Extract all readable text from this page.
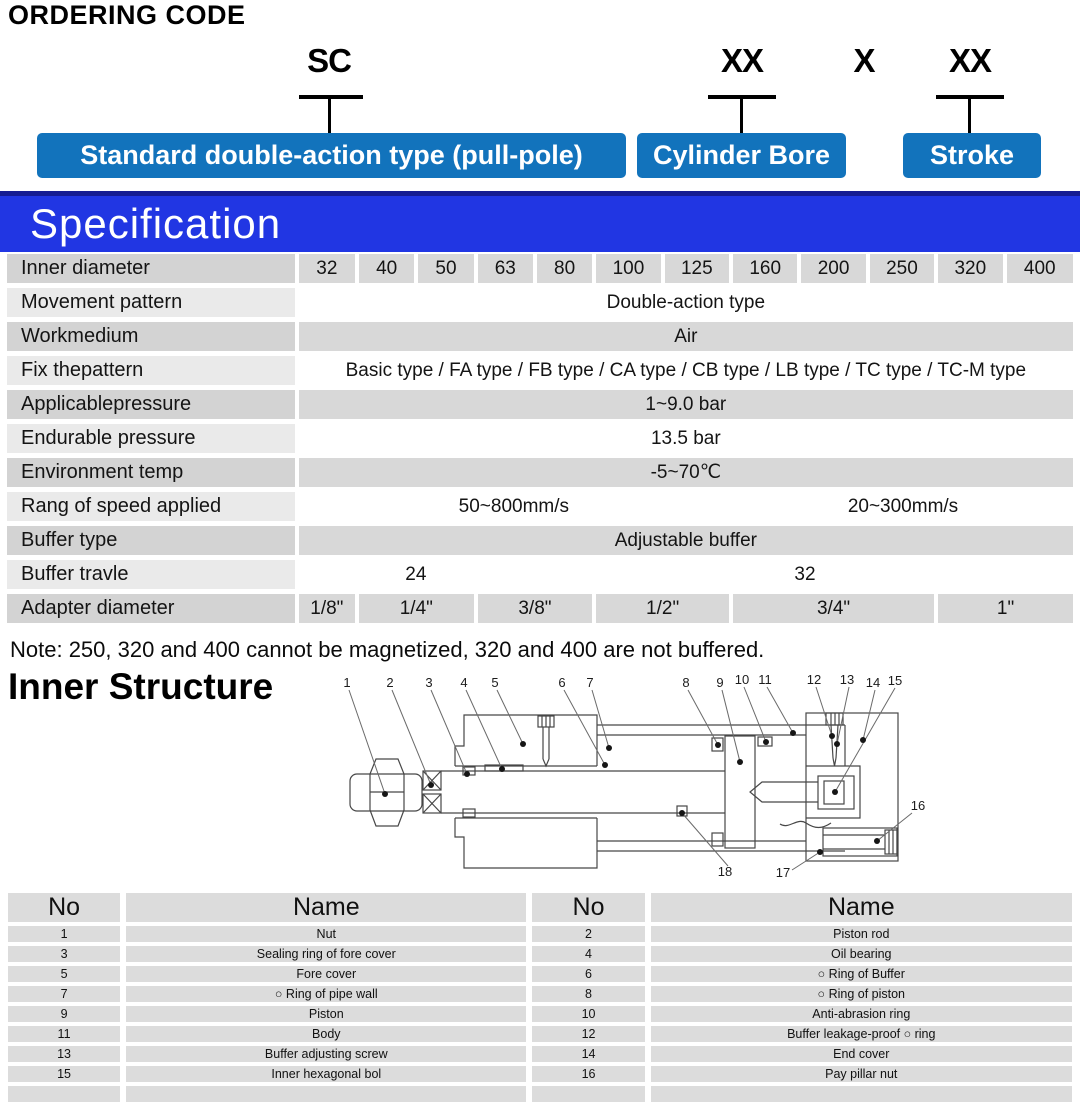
ORDERING CODE
SC	XX	X	XX
Standard double-action type (pull-pole)	Cylinder Bore	Stroke
Specification
Inner diameter	32	40	50	63	80	100	125	160	200	250	320	400
Movement pattern	Double-action type											
Workmedium	Air											
Fix thepattern	Basic type / FA type / FB type / CA type / CB type / LB type / TC type / TC-M type											
Applicablepressure	1~9.0 bar											
Endurable pressure	13.5 bar											
Environment temp	-5~70℃											
Rang of speed applied	50~800mm/s							20~300mm/s				
Buffer type	Adjustable buffer											
Buffer travle	24				32							
Adapter diameter	1/8"	1/4"		3/8"		1/2"		3/4"			1"	
Note: 250, 320 and 400 cannot be magnetized, 320 and 400 are not buffered.
Inner Structure	1	2 3 4 5	6 7	8 9 10 11	12 13 14 15
16
17
18
No	Name	No	Name
1	Nut	2	Piston rod
3	Sealing ring of fore cover	4	Oil bearing
5	Fore cover	6	○ Ring of Buffer
7	○ Ring of pipe wall	8	○ Ring of piston
9	Piston	10	Anti-abrasion ring
11	Body	12	Buffer leakage-proof ○ ring
13	Buffer adjusting screw	14	End cover
15	Inner hexagonal bol	16	Pay pillar nut
